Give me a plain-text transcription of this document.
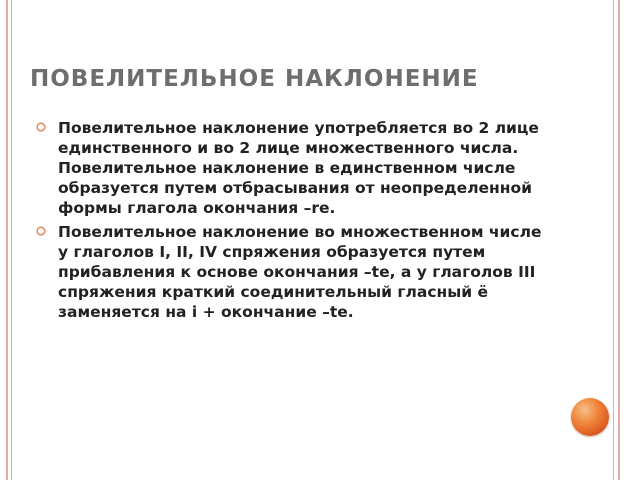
ПОВЕЛИТЕЛЬНОЕ НАКЛОНЕНИЕ
Повелительное наклонение употребляется во 2 лице единственного и во 2 лице множественного числа. Повелительное наклонение в единственном числе образуется путем отбрасывания от неопределенной формы глагола окончания –re.
Повелительное наклонение во множественном числе у глаголов I, II, IV спряжения образуется путем прибавления к основе окончания –te, а у глаголов III спряжения краткий соединительный гласный ё заменяется на i + окончание –te.
